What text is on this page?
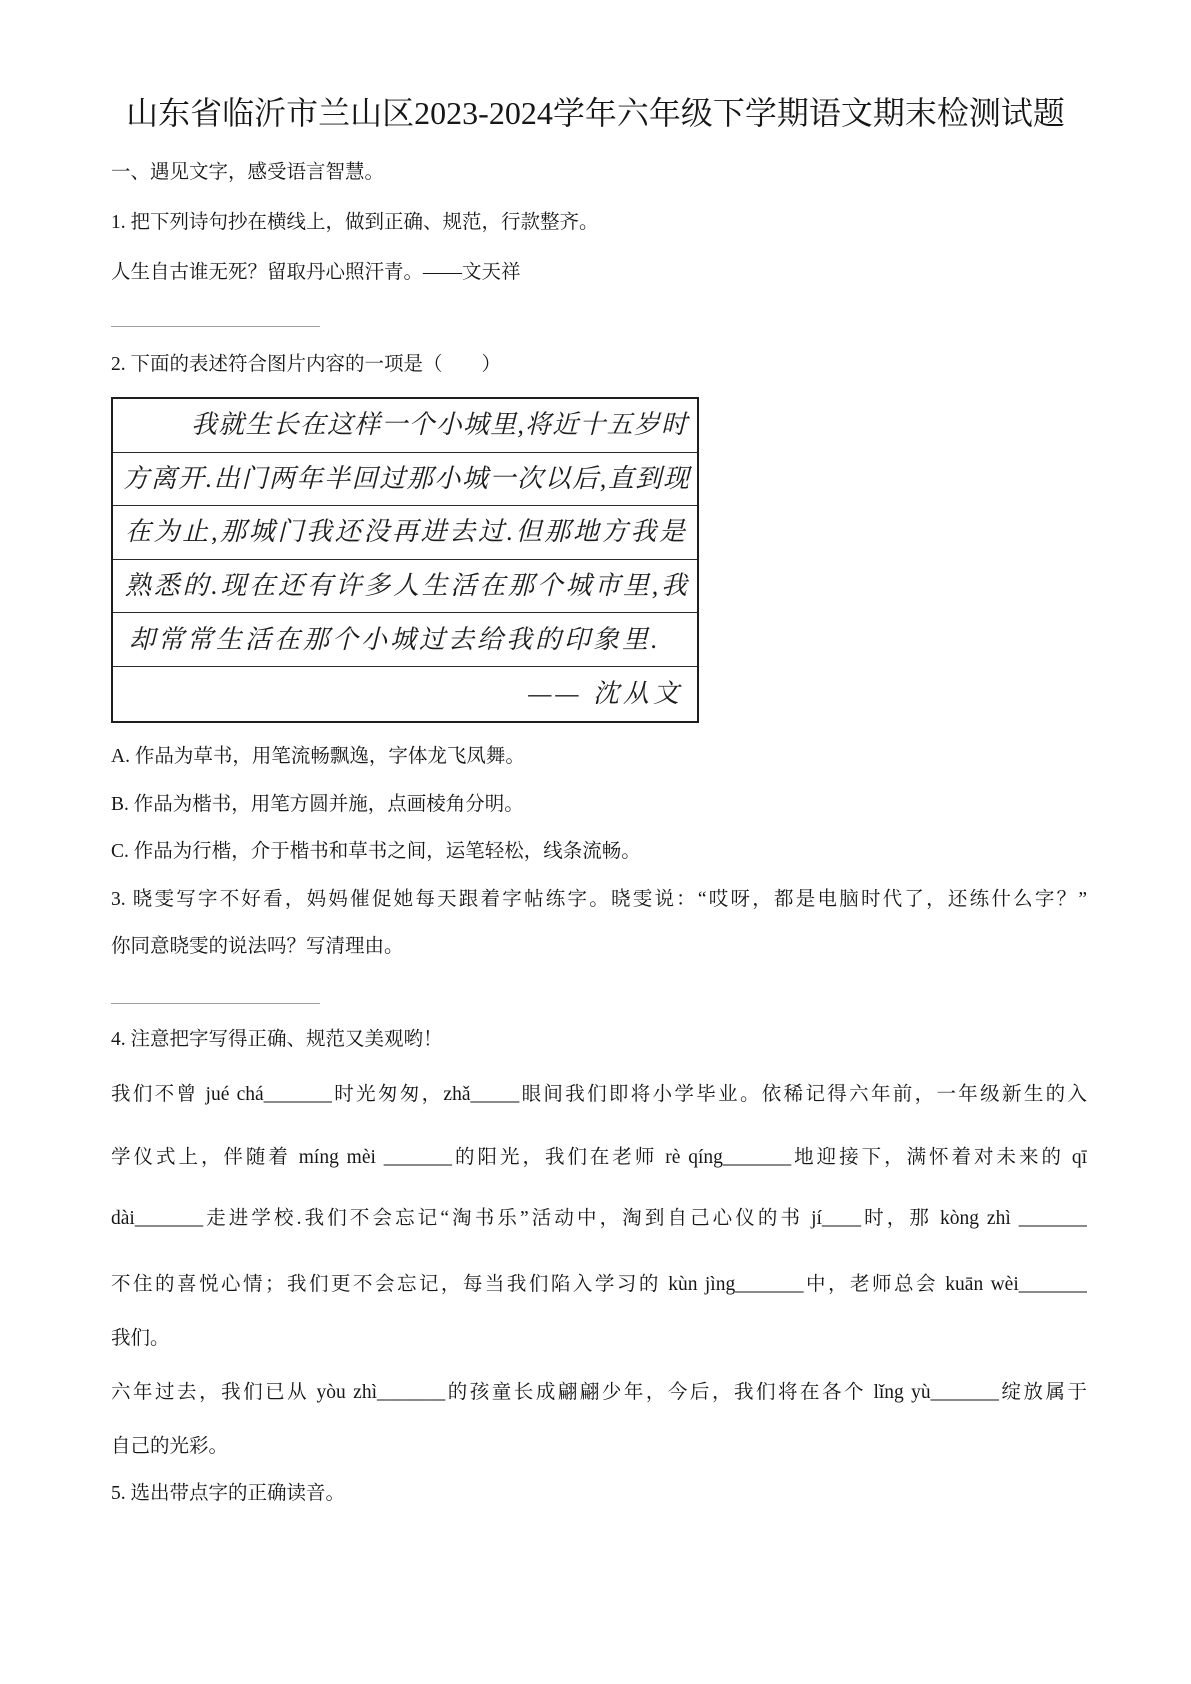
山东省临沂市兰山区2023-2024学年六年级下学期语文期末检测试题
一、遇见文字，感受语言智慧。
1. 把下列诗句抄在横线上，做到正确、规范，行款整齐。
人生自古谁无死？留取丹心照汗青。——文天祥
2. 下面的表述符合图片内容的一项是（　　）
我就生长在这样一个小城里,将近十五岁时
方离开.出门两年半回过那小城一次以后,直到现
在为止,那城门我还没再进去过.但那地方我是
熟悉的.现在还有许多人生活在那个城市里,我
却常常生活在那个小城过去给我的印象里.
—— 沈从文
A. 作品为草书，用笔流畅飘逸，字体龙飞凤舞。
B. 作品为楷书，用笔方圆并施，点画棱角分明。
C. 作品为行楷，介于楷书和草书之间，运笔轻松，线条流畅。
3. 晓雯写字不好看，妈妈催促她每天跟着字帖练字。晓雯说：“哎呀，都是电脑时代了，还练什么字？”
你同意晓雯的说法吗？写清理由。
4. 注意把字写得正确、规范又美观哟！
我们不曾 jué chá_______时光匆匆，zhǎ_____眼间我们即将小学毕业。依稀记得六年前，一年级新生的入
学仪式上，伴随着 míng mèi _______的阳光，我们在老师 rè qíng_______地迎接下，满怀着对未来的 qī
dài_______走进学校.我们不会忘记“淘书乐”活动中，淘到自己心仪的书 jí____时，那 kòng zhì _______
不住的喜悦心情；我们更不会忘记，每当我们陷入学习的 kùn jìng_______中，老师总会 kuān wèi_______
我们。
六年过去，我们已从 yòu zhì_______的孩童长成翩翩少年，今后，我们将在各个 lǐng yù_______绽放属于
自己的光彩。
5. 选出带点字的正确读音。
